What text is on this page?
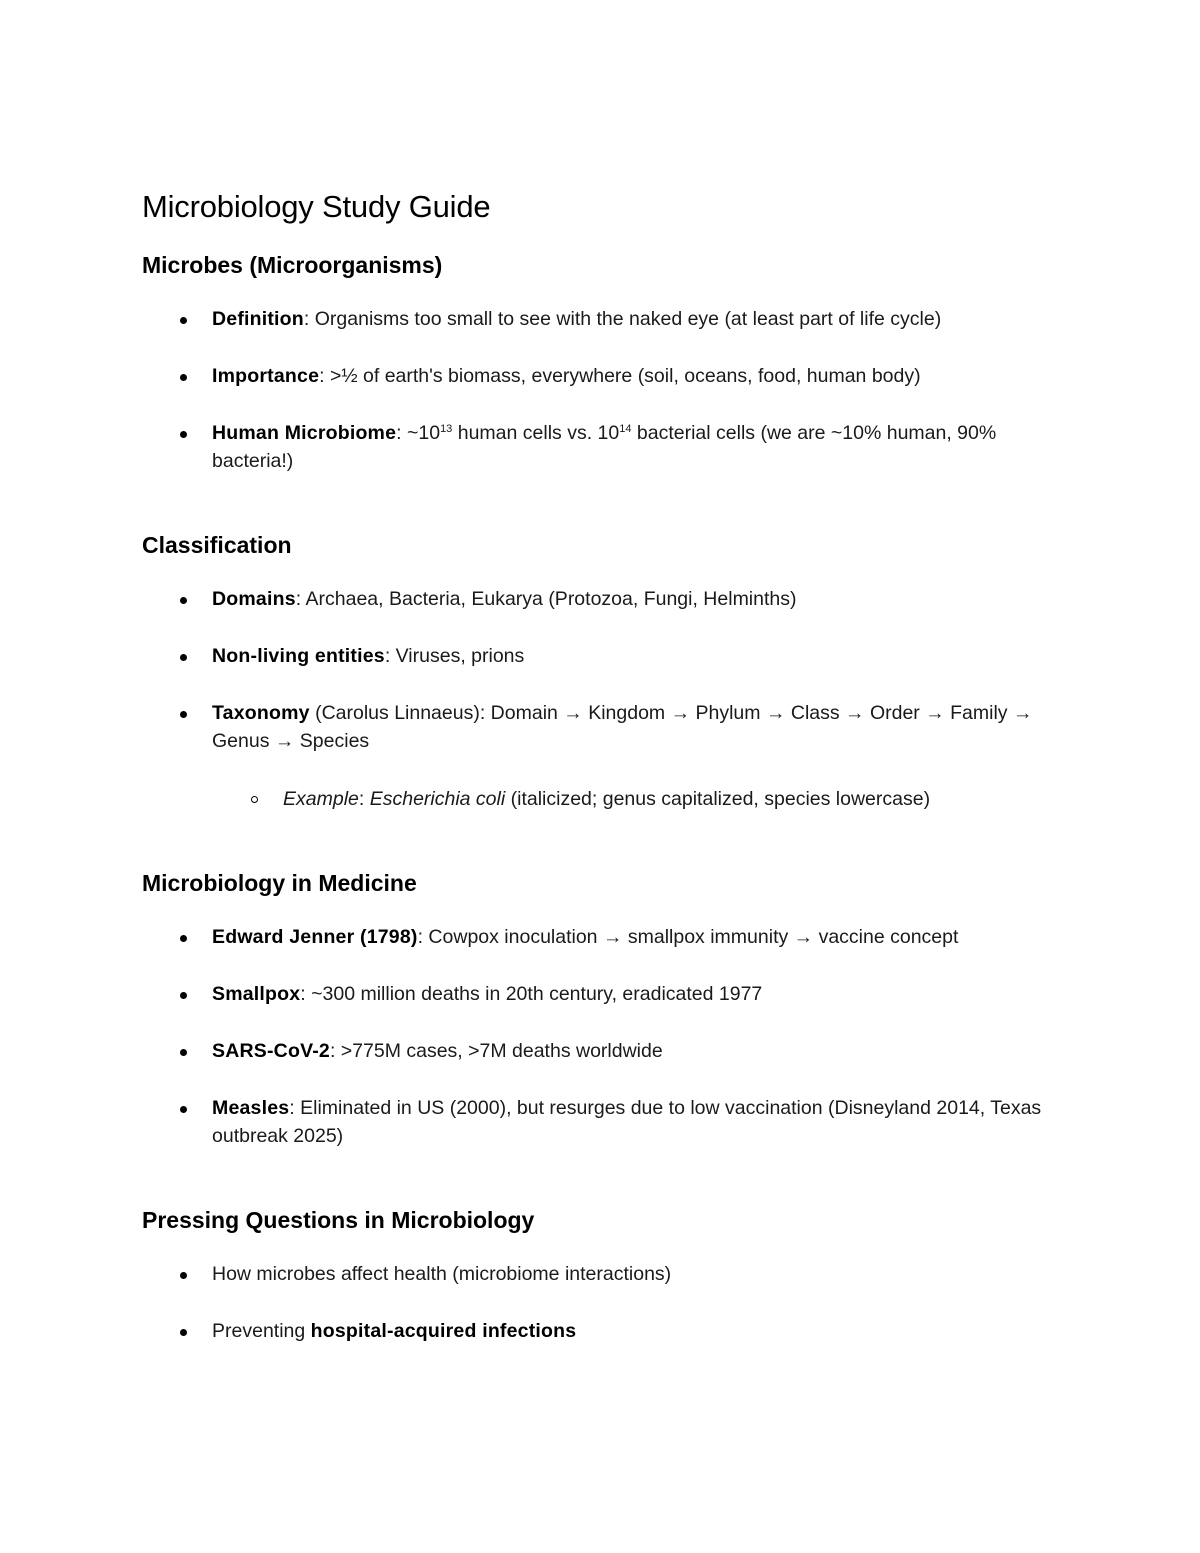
Microbiology Study Guide
Microbes (Microorganisms)
Definition: Organisms too small to see with the naked eye (at least part of life cycle)
Importance: >½ of earth's biomass, everywhere (soil, oceans, food, human body)
Human Microbiome: $\sim 10^{13}$ human cells vs. $10^{14}$ bacterial cells (we are ~10% human, 90% bacteria!)
Classification
Domains: Archaea, Bacteria, Eukarya (Protozoa, Fungi, Helminths)
Non-living entities: Viruses, prions
Taxonomy (Carolus Linnaeus): Domain → Kingdom → Phylum → Class → Order → Family → Genus → Species
Example: Escherichia coli (italicized; genus capitalized, species lowercase)
Microbiology in Medicine
Edward Jenner (1798): Cowpox inoculation → smallpox immunity → vaccine concept
Smallpox: ~300 million deaths in 20th century, eradicated 1977
SARS-CoV-2: >775M cases, >7M deaths worldwide
Measles: Eliminated in US (2000), but resurges due to low vaccination (Disneyland 2014, Texas outbreak 2025)
Pressing Questions in Microbiology
How microbes affect health (microbiome interactions)
Preventing hospital-acquired infections
